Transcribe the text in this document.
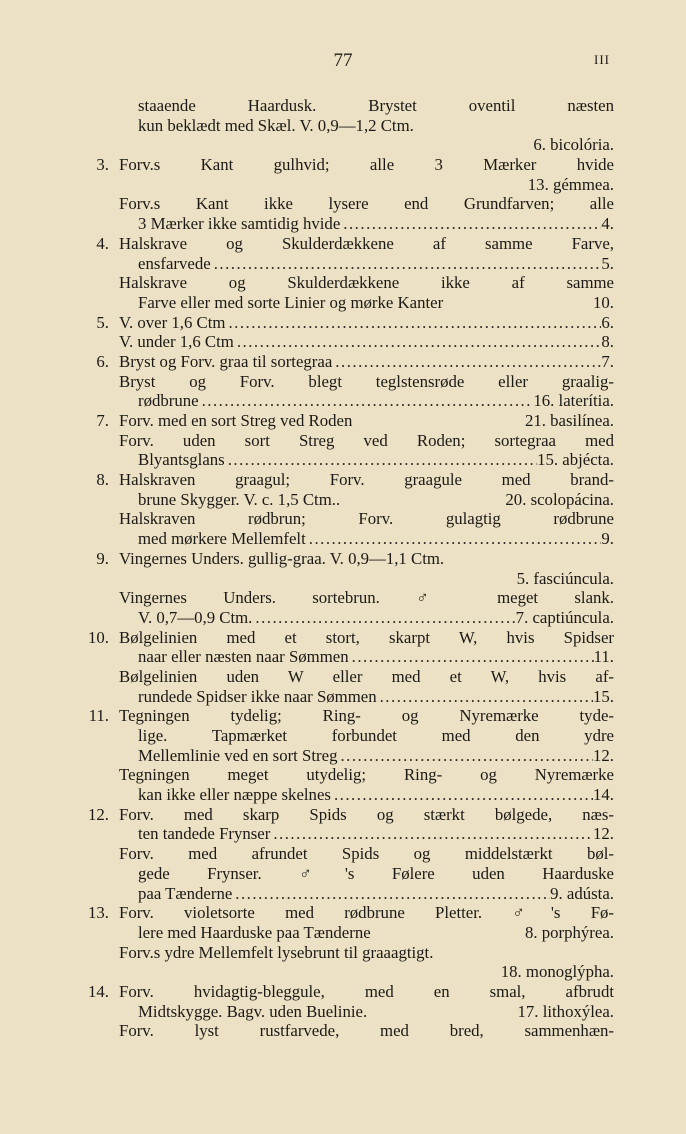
77	III
staaende Haardusk. Brystet oventil næsten
kun beklædt med Skæl. V. 0,9—1,2 Ctm.
6. bicolória.
3. Forv.s Kant gulhvid; alle 3 Mærker hvide
13. gémmea.
Forv.s Kant ikke lysere end Grundfarven; alle
3 Mærker ikke samtidig hvide .....	4.
4. Halskrave og Skulderdækkene af samme Farve,
ensfarvede .....	5.
Halskrave og Skulderdækkene ikke af samme
Farve eller med sorte Linier og mørke Kanter	10.
5. V. over 1,6 Ctm .....	6.
V. under 1,6 Ctm .....	8.
6. Bryst og Forv. graa til sortegraa .....	7.
Bryst og Forv. blegt teglstensrøde eller graalig-
rødbrune .....	16. laterítia.
7. Forv. med en sort Streg ved Roden	21. basilínea.
Forv. uden sort Streg ved Roden; sortegraa med
Blyantsglans .....	15. abjécta.
8. Halskraven graagul; Forv. graagule med brand-
brune Skygger. V. c. 1,5 Ctm..	20. scolopácina.
Halskraven rødbrun; Forv. gulagtig rødbrune
med mørkere Mellemfelt .....	9.
9. Vingernes Unders. gullig-graa. V. 0,9—1,1 Ctm.
5. fasciúncula.
Vingernes Unders. sortebrun. ♂ meget slank.
V. 0,7—0,9 Ctm. .....	7. captiúncula.
10. Bølgelinien med et stort, skarpt W, hvis Spidser
naar eller næsten naar Sømmen .....	11.
Bølgelinien uden W eller med et W, hvis af-
rundede Spidser ikke naar Sømmen .....	15.
11. Tegningen tydelig; Ring- og Nyremærke tyde-
lige. Tapmærket forbundet med den ydre
Mellemlinie ved en sort Streg .....	12.
Tegningen meget utydelig; Ring- og Nyremærke
kan ikke eller næppe skelnes .....	14.
12. Forv. med skarp Spids og stærkt bølgede, næs-
ten tandede Frynser .....	12.
Forv. med afrundet Spids og middelstærkt bøl-
gede Frynser. ♂'s Følere uden Haarduske
paa Tænderne .....	9. adústa.
13. Forv. violetsorte med rødbrune Pletter. ♂'s Fø-
lere med Haarduske paa Tænderne	8. porphýrea.
Forv.s ydre Mellemfelt lysebrunt til graaagtigt.
18. monoglýpha.
14. Forv. hvidagtig-bleggule, med en smal, afbrudt
Midtskygge. Bagv. uden Buelinie.	17. lithoxýlea.
Forv. lyst rustfarvede, med bred, sammenhæn-
